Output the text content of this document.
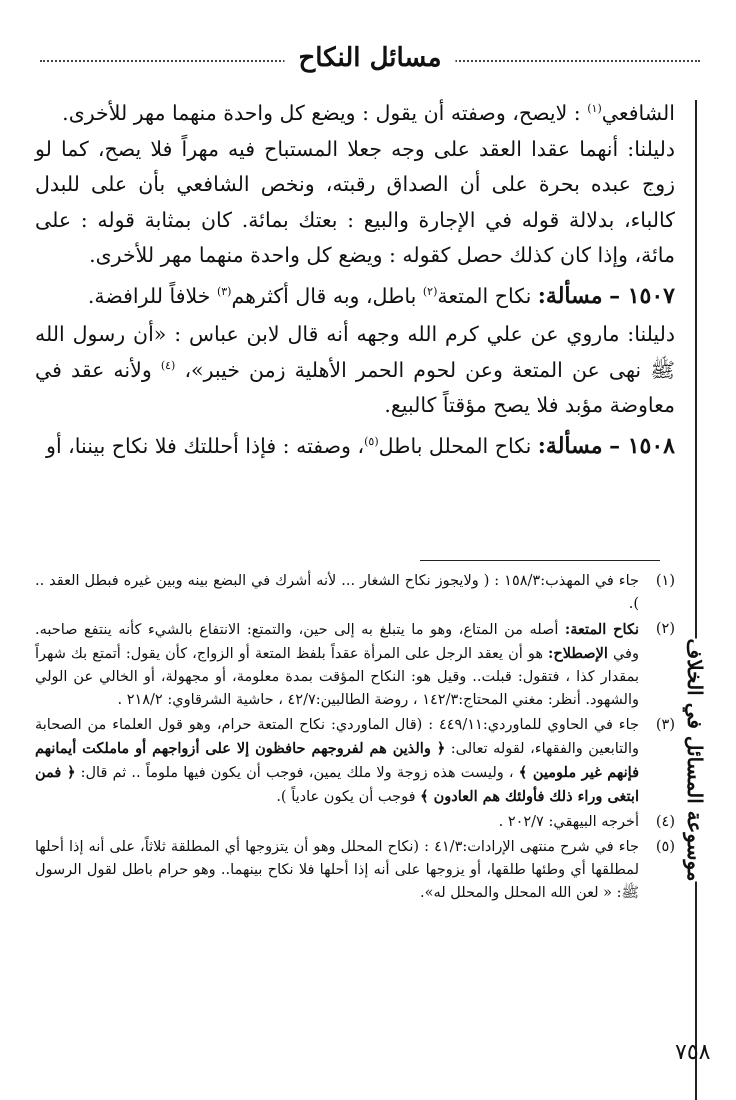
مسائل النكاح
موسوعة المسائل في الخلاف

الشافعي$^{(١)}$ : لايصح، وصفته أن يقول : ويضع كل واحدة منهما مهر للأخرى.

دليلنا: أنهما عقدا العقد على وجه جعلا المستباح فيه مهراً فلا يصح، كما لو زوج عبده بحرة على أن الصداق رقبته، ونخص الشافعي بأن على للبدل كالباء، بدلالة قوله في الإجارة والبيع : بعتك بمائة. كان بمثابة قوله : على مائة، وإذا كان كذلك حصل كقوله : ويضع كل واحدة منهما مهر للأخرى.

١٥٠٧ – مسألة: نكاح المتعة$^{(٢)}$ باطل، وبه قال أكثرهم$^{(٣)}$ خلافاً للرافضة.

دليلنا: ماروي عن علي كرم الله وجهه أنه قال لابن عباس : «أن رسول الله ﷺ نهى عن المتعة وعن لحوم الحمر الأهلية زمن خيبر»، $^{(٤)}$ ولأنه عقد في معاوضة مؤبد فلا يصح مؤقتاً كالبيع.

١٥٠٨ – مسألة: نكاح المحلل باطل$^{(٥)}$، وصفته : فإذا أحللتك فلا نكاح بيننا، أو

(١)
جاء في المهذب:١٥٨/٣ : ( ولايجوز نكاح الشغار ... لأنه أشرك في البضع بينه وبين غيره فبطل العقد .. ).
(٢)
نكاح المتعة: أصله من المتاع، وهو ما يتبلغ به إلى حين، والتمتع: الانتفاع بالشيء كأنه ينتفع صاحبه. وفي الإصطلاح: هو أن يعقد الرجل على المرأة عقداً بلفظ المتعة أو الزواج، كأن يقول: أتمتع بك شهراً بمقدار كذا ، فتقول: قبلت.. وقيل هو: النكاح المؤقت بمدة معلومة، أو مجهولة، أو الخالي عن الولي والشهود. أنظر: مغني المحتاج:١٤٢/٣ ، روضة الطالبين:٤٢/٧ ، حاشية الشرقاوي: ٢١٨/٢ .
(٣)
جاء في الحاوي للماوردي:٤٤٩/١١ : (قال الماوردي: نكاح المتعة حرام، وهو قول العلماء من الصحابة والتابعين والفقهاء، لقوله تعالى: ﴿ والذين هم لفروجهم حافظون إلا على أزواجهم أو ماملكت أيمانهم فإنهم غير ملومين ﴾ ، وليست هذه زوجة ولا ملك يمين، فوجب أن يكون فيها ملوماً .. ثم قال: ﴿ فمن ابتغى وراء ذلك فأولئك هم العادون ﴾ فوجب أن يكون عادياً ).
(٤)
أخرجه البيهقي: ٢٠٢/٧ .
(٥)
جاء في شرح منتهى الإرادات:٤١/٣ : (نكاح المحلل وهو أن يتزوجها أي المطلقة ثلاثاً، على أنه إذا أحلها لمطلقها أي وطئها طلقها، أو يزوجها على أنه إذا أحلها فلا نكاح بينهما.. وهو حرام باطل لقول الرسول ﷺ: « لعن الله المحلل والمحلل له».
٧٥٨
